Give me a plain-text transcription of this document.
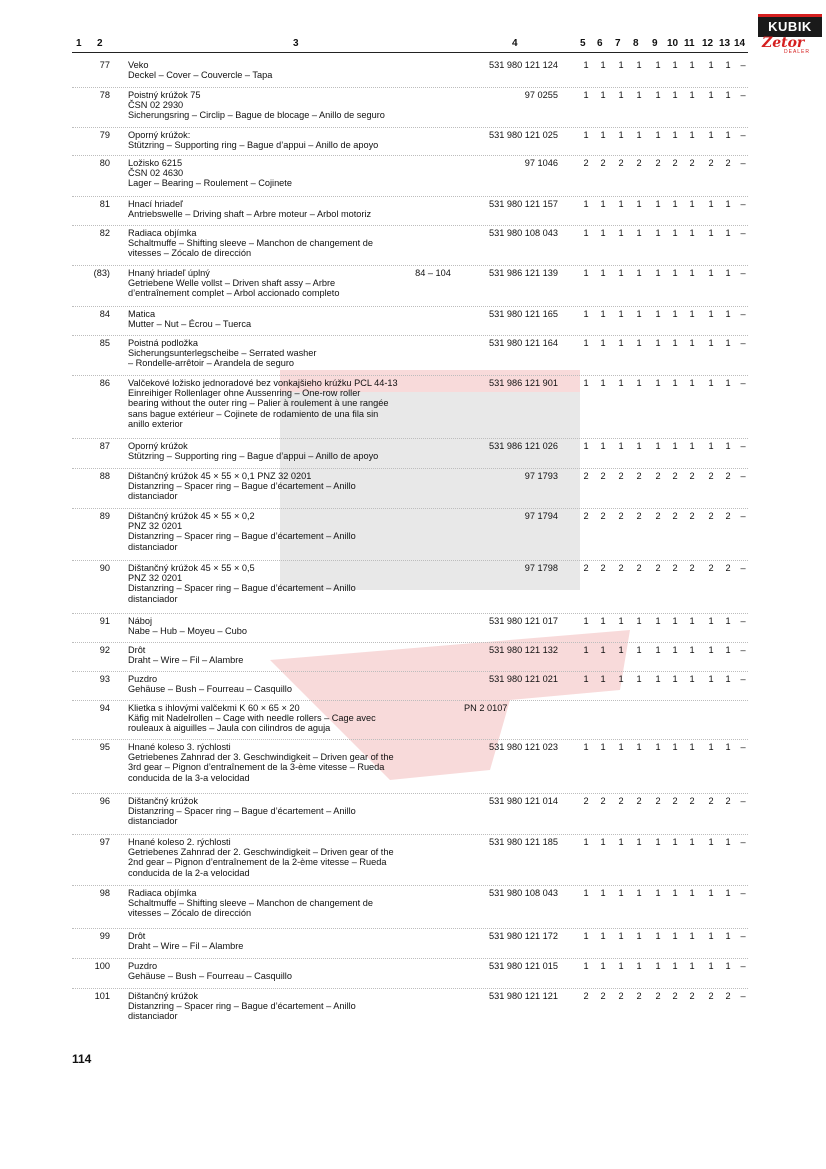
KUBIK
Zetor
DEALER
1 2	3	4	5 6 7 8 9 10 11 12 13 14
77 Veko
Deckel – Cover – Couvercle – Tapa
531 980 121 124	1	1	1	1	1	1	1	1	1	–
78 Poistný krúžok 75
ČSN 02 2930
Sicherungsring – Circlip – Bague de blocage – Anillo de seguro
97 0255	1	1	1	1	1	1	1	1	1	–
79 Oporný krúžok:
Stützring – Supporting ring – Bague d’appui – Anillo de apoyo
531 980 121 025	1	1	1	1	1	1	1	1	1	–
80 Ložisko 6215
ČSN 02 4630
Lager – Bearing – Roulement – Cojinete
97 1046	2	2	2	2	2	2	2	2	2	–
81 Hnací hriadeľ
Antriebswelle – Driving shaft – Arbre moteur – Arbol motoriz
531 980 121 157	1	1	1	1	1	1	1	1	1	–
82 Radiaca objímka
Schaltmuffe – Shifting sleeve – Manchon de changement de
vitesses – Zócalo de dirección
531 980 108 043	1	1	1	1	1	1	1	1	1	–
(83) Hnaný hriadeľ úplný
Getriebene Welle vollst – Driven shaft assy – Arbre
d’entraînement complet – Arbol accionado completo
84 – 104	531 986 121 139	1	1	1	1	1	1	1	1	1	–
84 Matica
Mutter – Nut – Écrou – Tuerca
531 980 121 165	1	1	1	1	1	1	1	1	1	–
85 Poistná podložka
Sicherungsunterlegscheibe – Serrated washer
– Rondelle-arrêtoir – Arandela de seguro
531 980 121 164	1	1	1	1	1	1	1	1	1	–
86 Valčekové ložisko jednoradové bez vonkajšieho krúžku PCL 44-13
Einreihiger Rollenlager ohne Aussenring – One-row roller
bearing without the outer ring – Palier à roulement à une rangée
sans bague extérieur – Cojinete de rodamiento de una fila sin
anillo exterior
531 986 121 901	1	1	1	1	1	1	1	1	1	–
87 Oporný krúžok
Stützring – Supporting ring – Bague d’appui – Anillo de apoyo
531 986 121 026	1	1	1	1	1	1	1	1	1	–
88 Dištančný krúžok 45 × 55 × 0,1 PNZ 32 0201
Distanzring – Spacer ring – Bague d’écartement – Anillo
distanciador
97 1793	2	2	2	2	2	2	2	2	2	–
89 Dištančný krúžok 45 × 55 × 0,2
PNZ 32 0201
Distanzring – Spacer ring – Bague d’écartement – Anillo
distanciador
97 1794	2	2	2	2	2	2	2	2	2	–
90 Dištančný krúžok 45 × 55 × 0,5
PNZ 32 0201
Distanzring – Spacer ring – Bague d’écartement – Anillo
distanciador
97 1798	2	2	2	2	2	2	2	2	2	–
91 Náboj
Nabe – Hub – Moyeu – Cubo
531 980 121 017	1	1	1	1	1	1	1	1	1	–
92 Drôt
Draht – Wire – Fil – Alambre
531 980 121 132	1	1	1	1	1	1	1	1	1	–
93 Puzdro
Gehäuse – Bush – Fourreau – Casquillo
531 980 121 021	1	1	1	1	1	1	1	1	1	–
94 Klietka s ihlovými valčekmi K 60 × 65 × 20
Käfig mit Nadelrollen – Cage with needle rollers – Cage avec
rouleaux à aiguilles – Jaula con cilindros de aguja
PN 2 0107
95 Hnané koleso 3. rýchlosti
Getriebenes Zahnrad der 3. Geschwindigkeit – Driven gear of the
3rd gear – Pignon d’entraînement de la 3-ème vitesse – Rueda
conducida de la 3-a velocidad
531 980 121 023	1	1	1	1	1	1	1	1	1	–
96 Dištančný krúžok
Distanzring – Spacer ring – Bague d’écartement – Anillo
distanciador
531 980 121 014	2	2	2	2	2	2	2	2	2	–
97 Hnané koleso 2. rýchlosti
Getriebenes Zahnrad der 2. Geschwindigkeit – Driven gear of the
2nd gear – Pignon d’entraînement de la 2-ème vitesse – Rueda
conducida de la 2-a velocidad
531 980 121 185	1	1	1	1	1	1	1	1	1	–
98 Radiaca objímka
Schaltmuffe – Shifting sleeve – Manchon de changement de
vitesses – Zócalo de dirección
531 980 108 043	1	1	1	1	1	1	1	1	1	–
99 Drôt
Draht – Wire – Fil – Alambre
531 980 121 172	1	1	1	1	1	1	1	1	1	–
100 Puzdro
Gehäuse – Bush – Fourreau – Casquillo
531 980 121 015	1	1	1	1	1	1	1	1	1	–
101 Dištančný krúžok
Distanzring – Spacer ring – Bague d’écartement – Anillo
distanciador
531 980 121 121	2	2	2	2	2	2	2	2	2	–
114
